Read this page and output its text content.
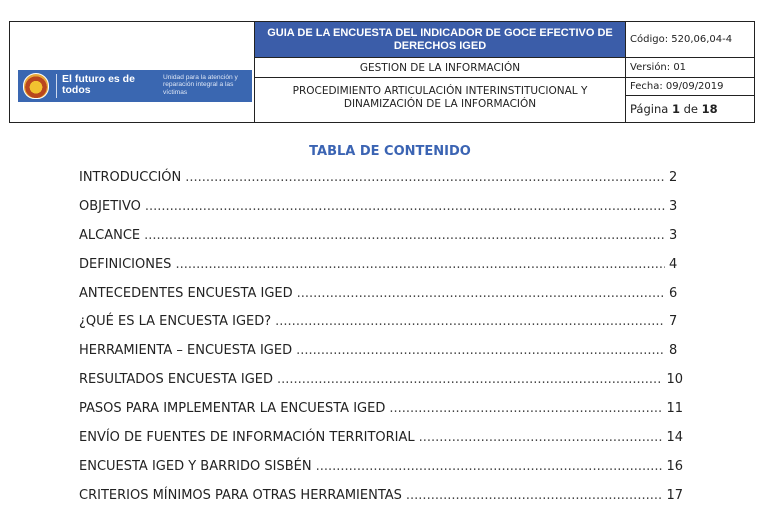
El futuro es de todos
Unidad para la atención y reparación integral a las víctimas
GUIA DE LA ENCUESTA DEL INDICADOR DE GOCE EFECTIVO DE DERECHOS IGED
GESTION DE LA INFORMACIÓN
PROCEDIMIENTO ARTICULACIÓN INTERINSTITUCIONAL Y DINAMIZACIÓN DE LA INFORMACIÓN
Código: 520,06,04-4
Versión: 01
Fecha: 09/09/2019
Página 1 de 18
TABLA DE CONTENIDO
INTRODUCCIÓN .....	2
OBJETIVO .....	3
ALCANCE .....	3
DEFINICIONES .....	4
ANTECEDENTES ENCUESTA IGED .....	6
¿QUÉ ES LA ENCUESTA IGED? .....	7
HERRAMIENTA – ENCUESTA IGED .....	8
RESULTADOS ENCUESTA IGED .....	10
PASOS PARA IMPLEMENTAR LA ENCUESTA IGED .....	11
ENVÍO DE FUENTES DE INFORMACIÓN TERRITORIAL .....	14
ENCUESTA IGED Y BARRIDO SISBÉN .....	16
CRITERIOS MÍNIMOS PARA OTRAS HERRAMIENTAS .....	17
